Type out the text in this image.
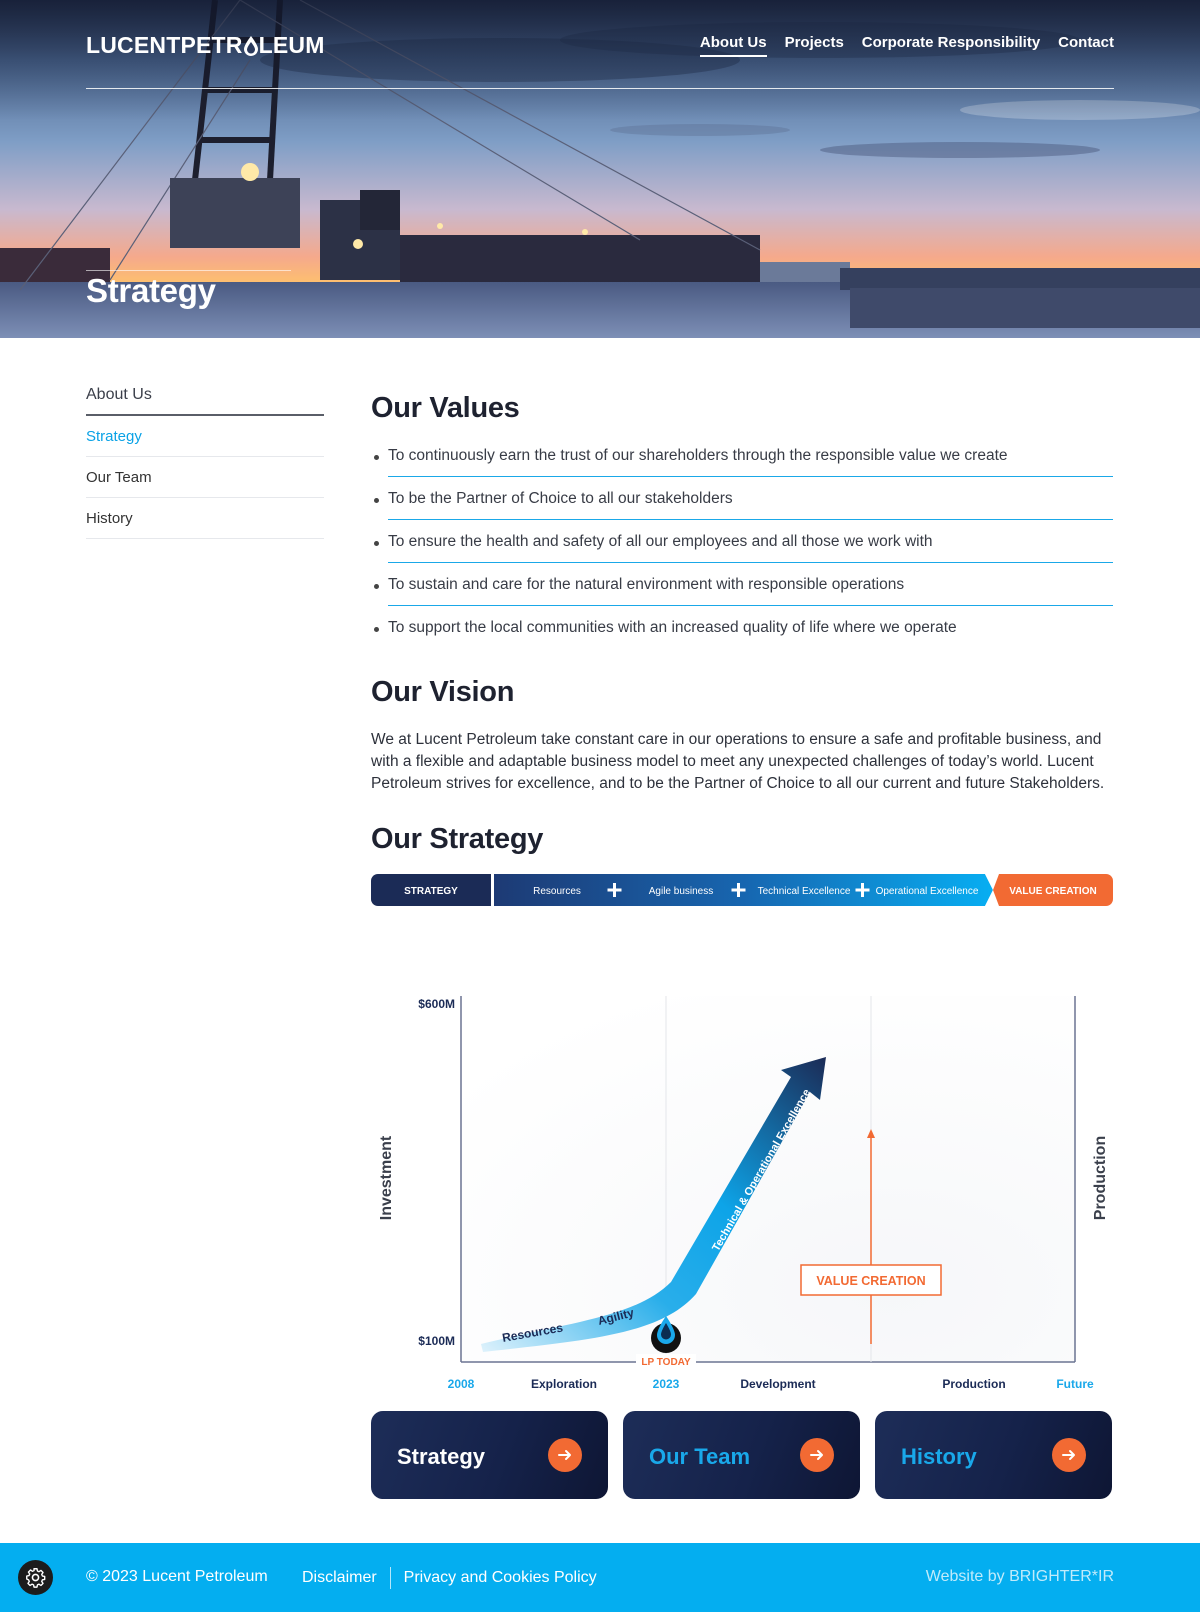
LUCENTPETR LEUM	About Us Projects Corporate Responsibility Contact
Strategy
About Us
Strategy
Our Team
History
Our Values
To continuously earn the trust of our shareholders through the responsible value we create
To be the Partner of Choice to all our stakeholders
To ensure the health and safety of all our employees and all those we work with
To sustain and care for the natural environment with responsible operations
To support the local communities with an increased quality of life where we operate
Our Vision

We at Lucent Petroleum take constant care in our operations to ensure a safe and profitable business, and with a flexible and adaptable business model to meet any unexpected challenges of today’s world. Lucent Petroleum strives for excellence, and to be the Partner of Choice to all our current and future Stakeholders.

Our Strategy
STRATEGY	Resources	Agile business	Technical Excellence	Operational Excellence	VALUE CREATION
$600M
$100M
Investment	Production
Resources
Agility
Technical & Operational Excellence
LP TODAY
VALUE CREATION
2008	Exploration	2023	Development	Production	Future
Strategy	Our Team	History
© 2023 Lucent Petroleum Disclaimer	Privacy and Cookies Policy	Website by BRIGHTER*IR
